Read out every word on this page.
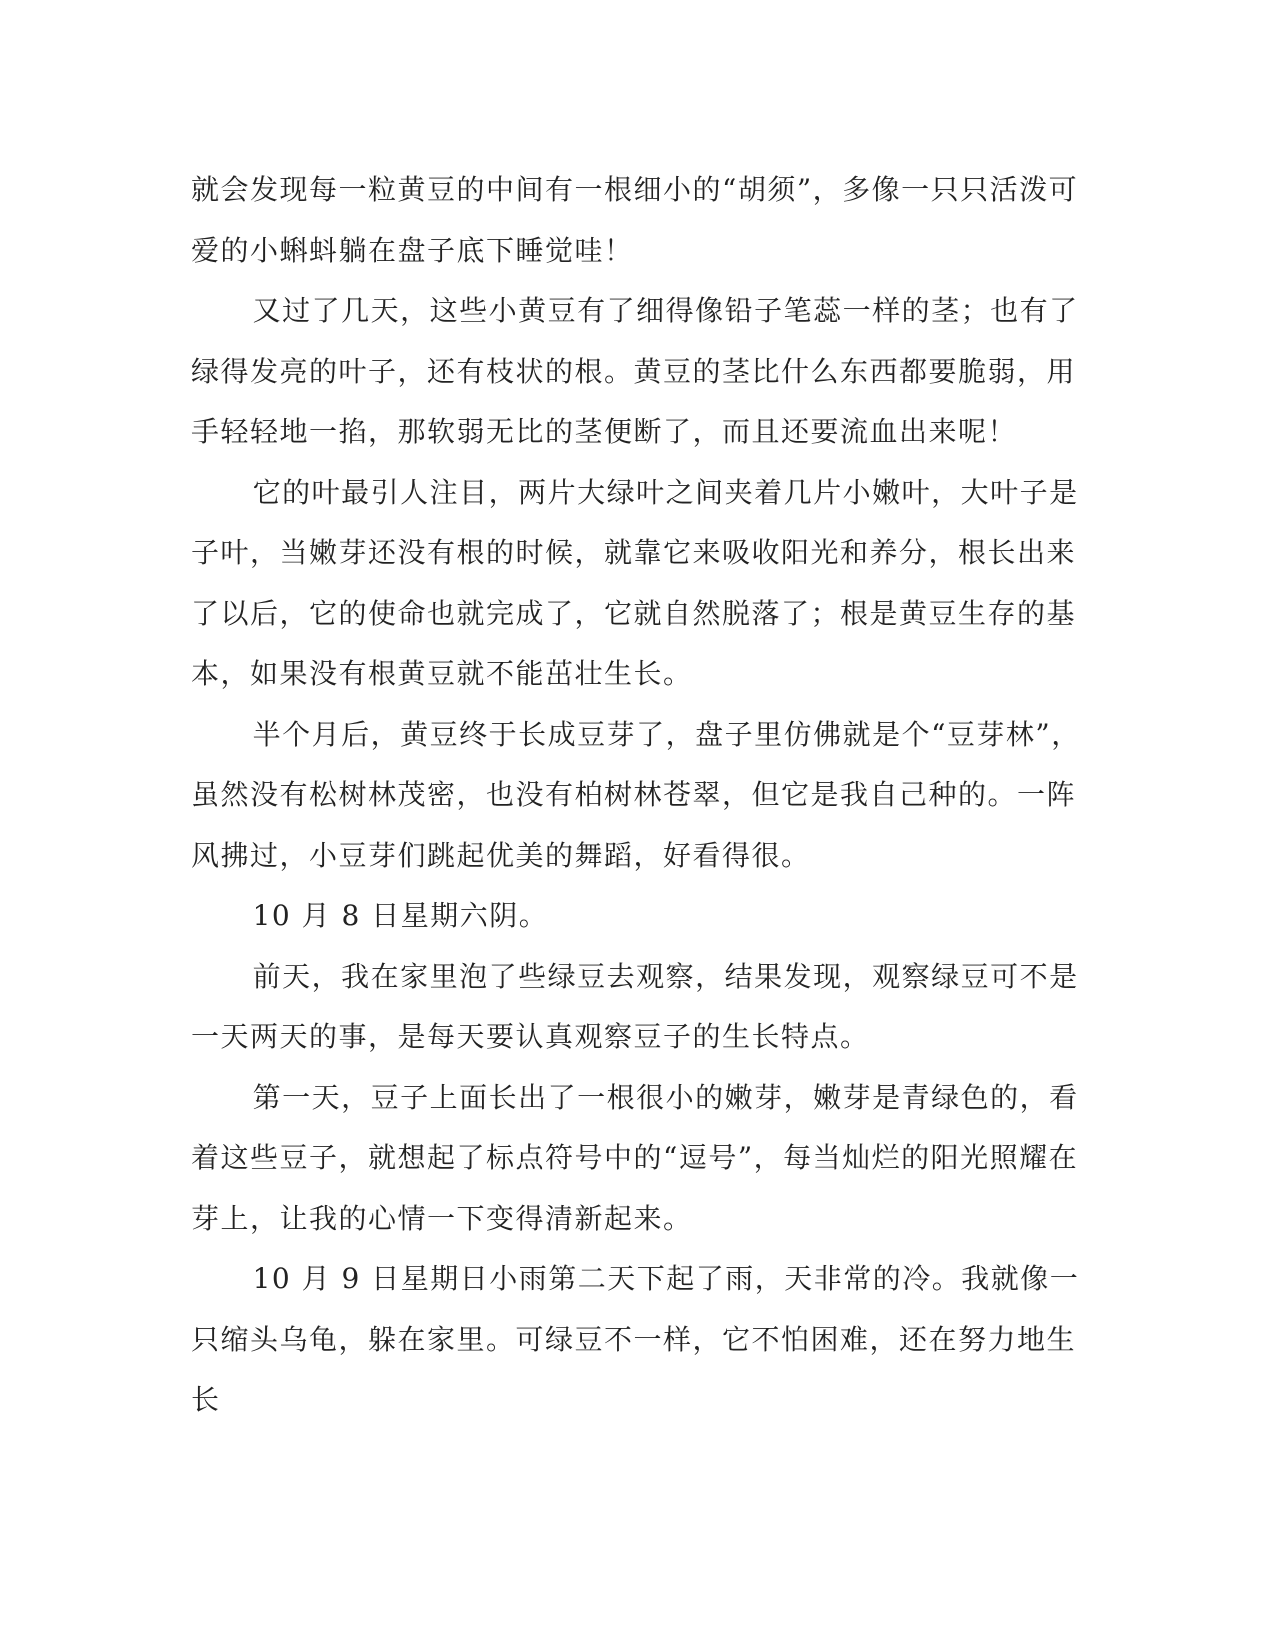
就会发现每一粒黄豆的中间有一根细小的“胡须”，多像一只只活泼可爱的小蝌蚪躺在盘子底下睡觉哇！

又过了几天，这些小黄豆有了细得像铅子笔蕊一样的茎；也有了绿得发亮的叶子，还有枝状的根。黄豆的茎比什么东西都要脆弱，用手轻轻地一掐，那软弱无比的茎便断了，而且还要流血出来呢！

它的叶最引人注目，两片大绿叶之间夹着几片小嫩叶，大叶子是子叶，当嫩芽还没有根的时候，就靠它来吸收阳光和养分，根长出来了以后，它的使命也就完成了，它就自然脱落了；根是黄豆生存的基本，如果没有根黄豆就不能茁壮生长。

半个月后，黄豆终于长成豆芽了，盘子里仿佛就是个“豆芽林”，虽然没有松树林茂密，也没有柏树林苍翠，但它是我自己种的。一阵风拂过，小豆芽们跳起优美的舞蹈，好看得很。

10 月 8 日星期六阴。

前天，我在家里泡了些绿豆去观察，结果发现，观察绿豆可不是一天两天的事，是每天要认真观察豆子的生长特点。

第一天，豆子上面长出了一根很小的嫩芽，嫩芽是青绿色的，看着这些豆子，就想起了标点符号中的“逗号”，每当灿烂的阳光照耀在芽上，让我的心情一下变得清新起来。

10 月 9 日星期日小雨第二天下起了雨，天非常的冷。我就像一只缩头乌龟，躲在家里。可绿豆不一样，它不怕困难，还在努力地生长
